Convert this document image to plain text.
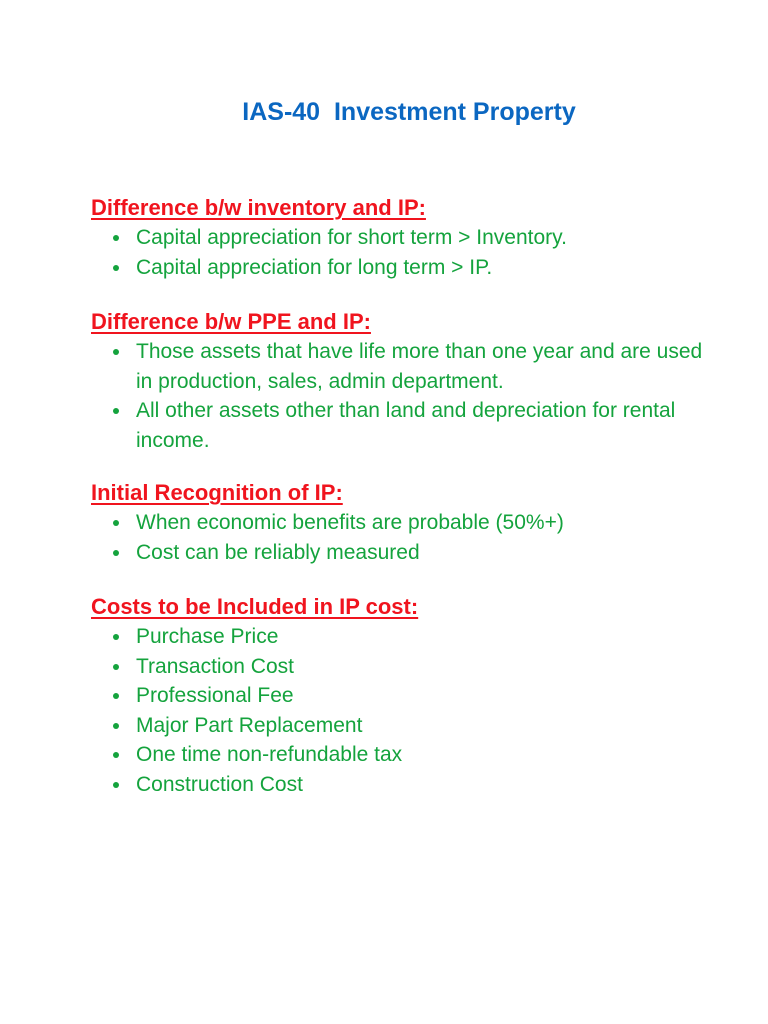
IAS-40  Investment Property
Difference b/w inventory and IP:
Capital appreciation for short term > Inventory.
Capital appreciation for long term > IP.
Difference b/w PPE and IP:
Those assets that have life more than one year and are used in production, sales, admin department.
All other assets other than land and depreciation for rental income.
Initial Recognition of IP:
When economic benefits are probable (50%+)
Cost can be reliably measured
Costs to be Included in IP cost:
Purchase Price
Transaction Cost
Professional Fee
Major Part Replacement
One time non-refundable tax
Construction Cost
